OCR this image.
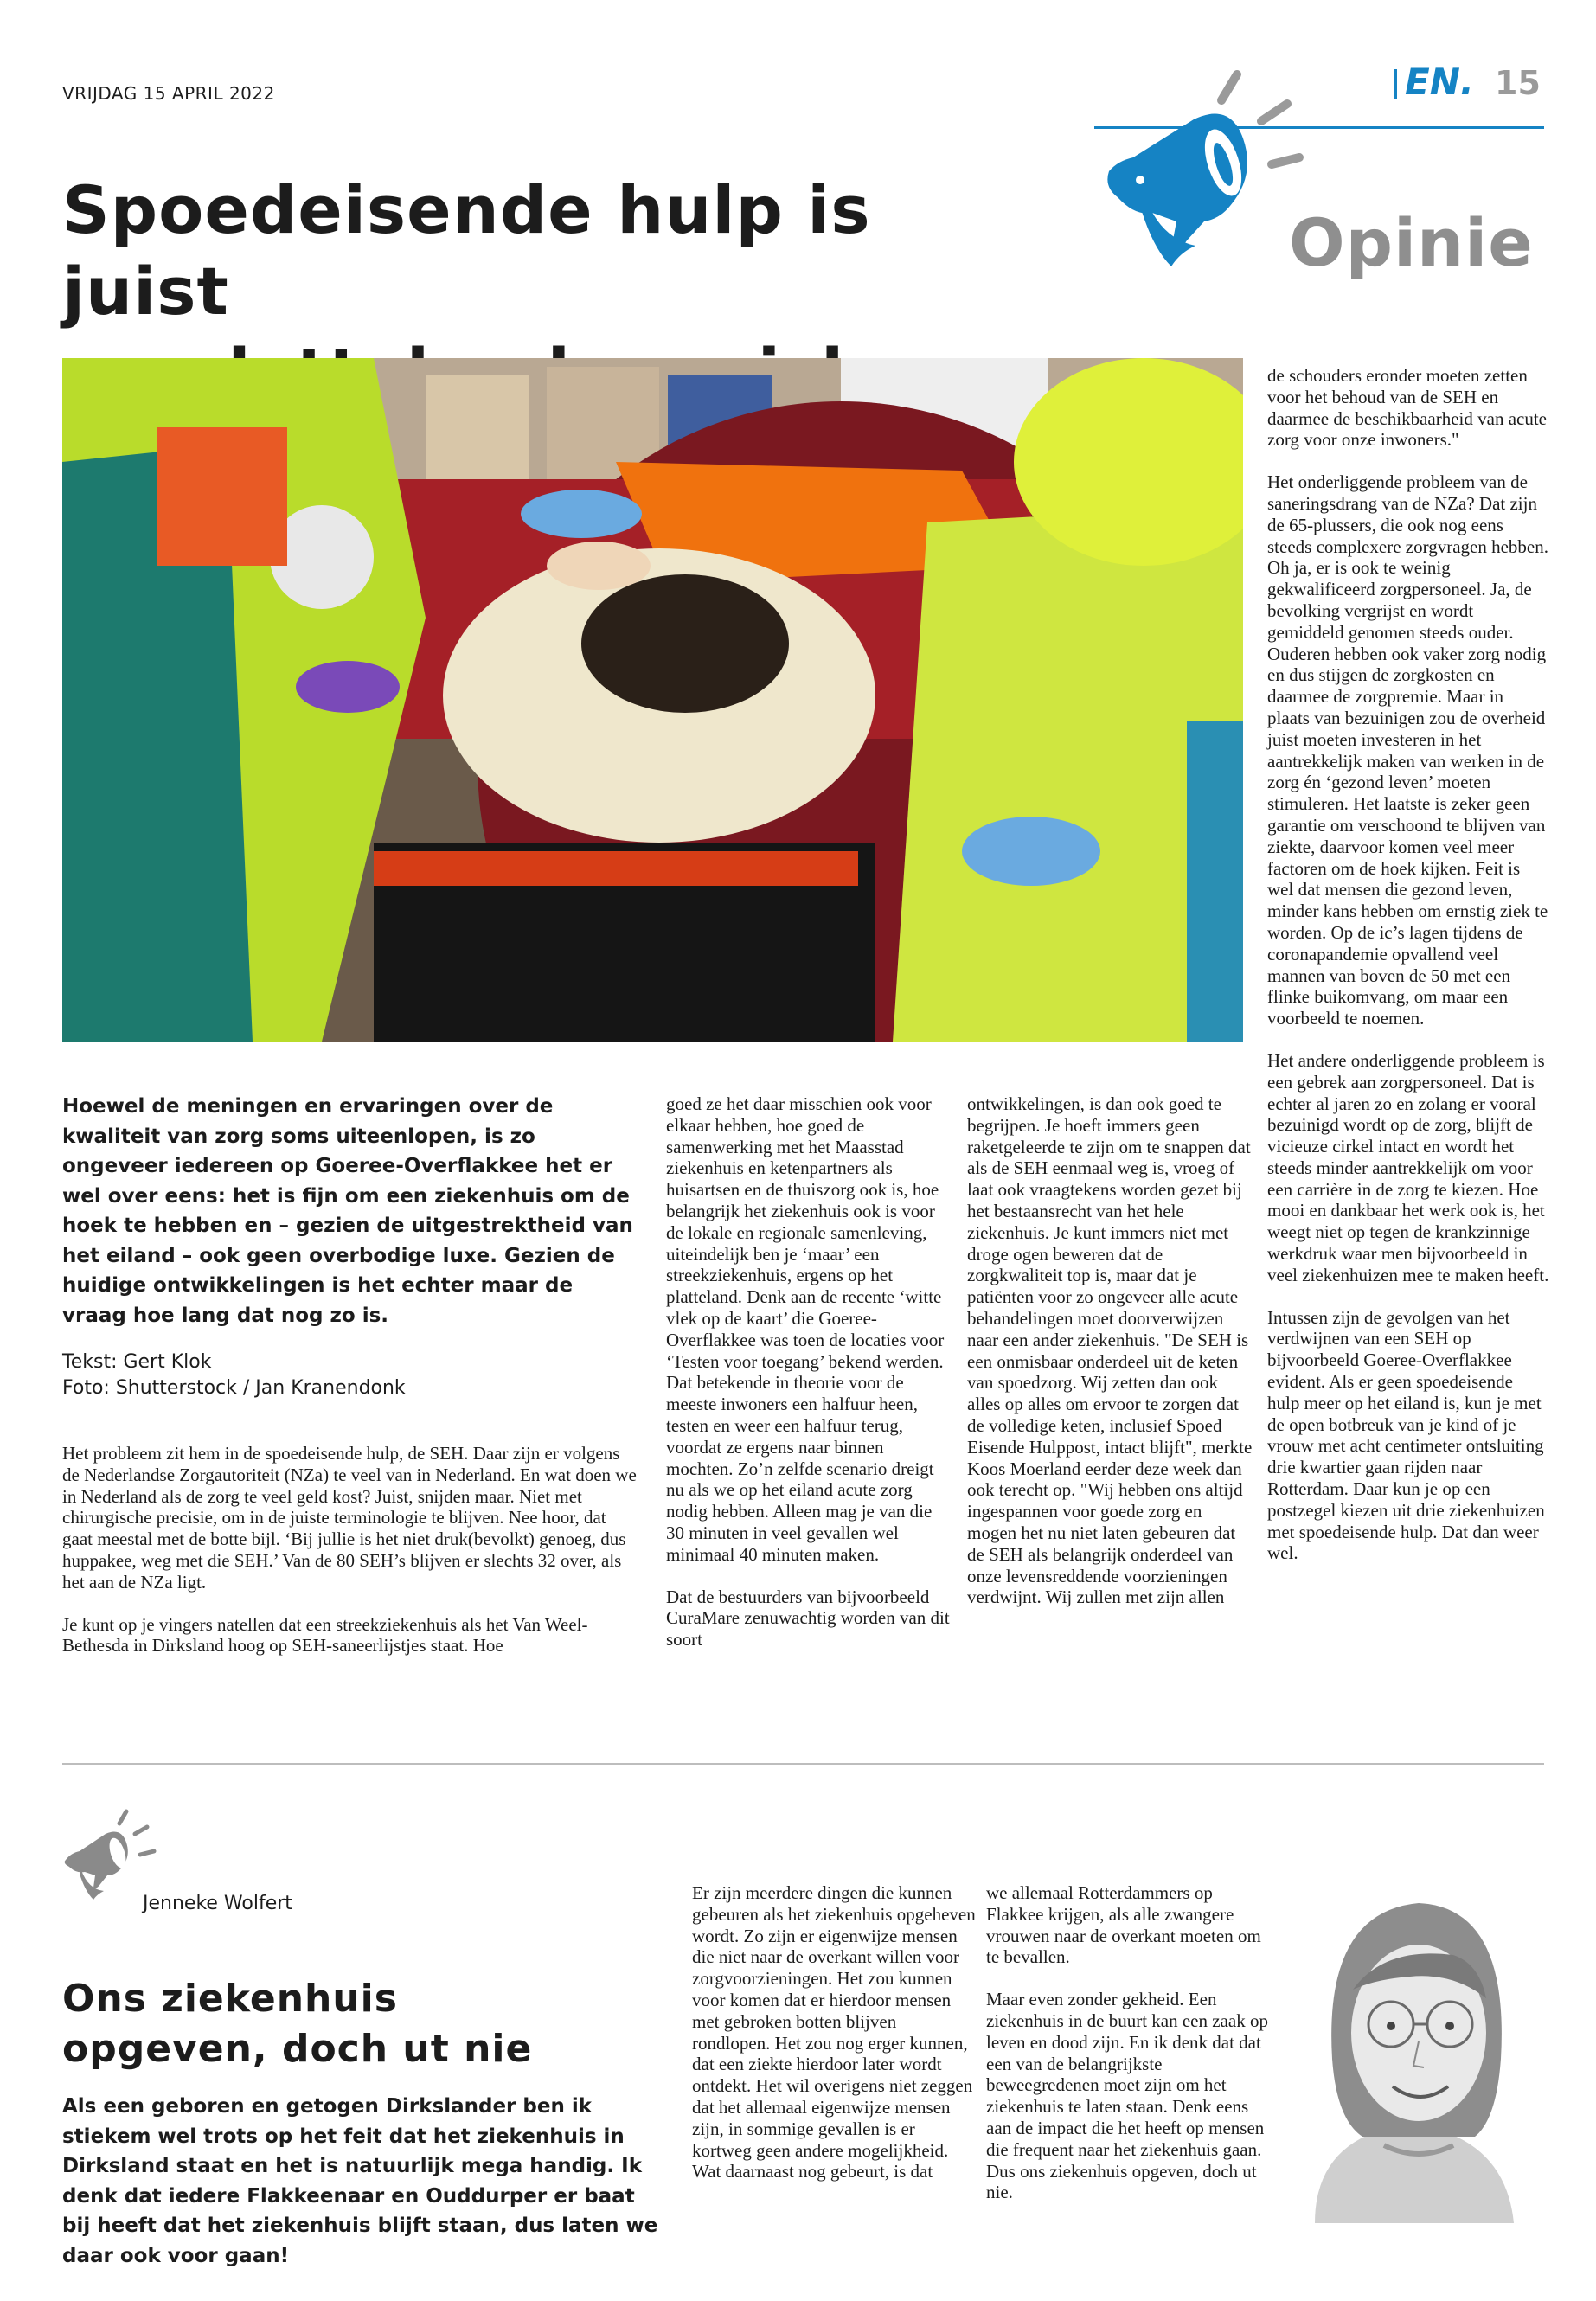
VRIJDAG 15 APRIL 2022	EN. 15
Opinie
Spoedeisende hulp is juist

Hoewel de meningen en ervaringen over de kwaliteit van zorg soms uiteenlopen, is zo ongeveer iedereen op Goeree-Overflakkee het er wel over eens: het is fijn om een ziekenhuis om de hoek te hebben en – gezien de uitgestrektheid van het eiland – ook geen overbodige luxe. Gezien de huidige ontwikkelingen is het echter maar de vraag hoe lang dat nog zo is.
Tekst: Gert Klok
Foto: Shutterstock / Jan Kranendonk

Het probleem zit hem in de spoedeisende hulp, de SEH. Daar zijn er volgens de Nederlandse Zorgautoriteit (NZa) te veel van in Nederland. En wat doen we in Nederland als de zorg te veel geld kost? Juist, snijden maar. Niet met chirurgische precisie, om in de juiste terminologie te blijven. Nee hoor, dat gaat meestal met de botte bijl. ‘Bij jullie is het niet druk(bevolkt) genoeg, dus huppakee, weg met die SEH.’ Van de 80 SEH’s blijven er slechts 32 over, als het aan de NZa ligt.

Je kunt op je vingers natellen dat een streekziekenhuis als het Van Weel-Bethesda in Dirksland hoog op SEH-saneerlijstjes staat. Hoe

goed ze het daar misschien ook voor elkaar hebben, hoe goed de samenwerking met het Maasstad ziekenhuis en ketenpartners als huisartsen en de thuiszorg ook is, hoe belangrijk het ziekenhuis ook is voor de lokale en regionale samenleving, uiteindelijk ben je ‘maar’ een streekziekenhuis, ergens op het platteland. Denk aan de recente ‘witte vlek op de kaart’ die Goeree-Overflakkee was toen de locaties voor ‘Testen voor toegang’ bekend werden. Dat betekende in theorie voor de meeste inwoners een halfuur heen, testen en weer een halfuur terug, voordat ze ergens naar binnen mochten. Zo’n zelfde scenario dreigt nu als we op het eiland acute zorg nodig hebben. Alleen mag je van die 30 minuten in veel gevallen wel minimaal 40 minuten maken.

Dat de bestuurders van bijvoorbeeld CuraMare zenuwachtig worden van dit soort

ontwikkelingen, is dan ook goed te begrijpen. Je hoeft immers geen raketgeleerde te zijn om te snappen dat als de SEH eenmaal weg is, vroeg of laat ook vraagtekens worden gezet bij het bestaansrecht van het hele ziekenhuis. Je kunt immers niet met droge ogen beweren dat de zorgkwaliteit top is, maar dat je patiënten voor zo ongeveer alle acute behandelingen moet doorverwijzen naar een ander ziekenhuis. "De SEH is een onmisbaar onderdeel uit de keten van spoedzorg. Wij zetten dan ook alles op alles om ervoor te zorgen dat de volledige keten, inclusief Spoed Eisende Hulppost, intact blijft", merkte Koos Moerland eerder deze week dan ook terecht op. "Wij hebben ons altijd ingespannen voor goede zorg en mogen het nu niet laten gebeuren dat de SEH als belangrijk onderdeel van onze levensreddende voorzieningen verdwijnt. Wij zullen met zijn allen

de schouders eronder moeten zetten voor het behoud van de SEH en daarmee de beschikbaarheid van acute zorg voor onze inwoners."

Het onderliggende probleem van de saneringsdrang van de NZa? Dat zijn de 65-plussers, die ook nog eens steeds complexere zorgvragen hebben. Oh ja, er is ook te weinig gekwalificeerd zorgpersoneel. Ja, de bevolking vergrijst en wordt gemiddeld genomen steeds ouder. Ouderen hebben ook vaker zorg nodig en dus stijgen de zorgkosten en daarmee de zorgpremie. Maar in plaats van bezuinigen zou de overheid juist moeten investeren in het aantrekkelijk maken van werken in de zorg én ‘gezond leven’ moeten stimuleren. Het laatste is zeker geen garantie om verschoond te blijven van ziekte, daarvoor komen veel meer factoren om de hoek kijken. Feit is wel dat mensen die gezond leven, minder kans hebben om ernstig ziek te worden. Op de ic’s lagen tijdens de coronapandemie opvallend veel mannen van boven de 50 met een flinke buikomvang, om maar een voorbeeld te noemen.

Het andere onderliggende probleem is een gebrek aan zorgpersoneel. Dat is echter al jaren zo en zolang er vooral bezuinigd wordt op de zorg, blijft de vicieuze cirkel intact en wordt het steeds minder aantrekkelijk om voor een carrière in de zorg te kiezen. Hoe mooi en dankbaar het werk ook is, het weegt niet op tegen de krankzinnige werkdruk waar men bijvoorbeeld in veel ziekenhuizen mee te maken heeft.

Intussen zijn de gevolgen van het verdwijnen van een SEH op bijvoorbeeld Goeree-Overflakkee evident. Als er geen spoedeisende hulp meer op het eiland is, kun je met de open botbreuk van je kind of je vrouw met acht centimeter ontsluiting drie kwartier gaan rijden naar Rotterdam. Daar kun je op een postzegel kiezen uit drie ziekenhuizen met spoedeisende hulp. Dat dan weer wel.

Jenneke Wolfert
Ons ziekenhuis
opgeven, doch ut nie
Als een geboren en getogen Dirkslander ben ik stiekem wel trots op het feit dat het ziekenhuis in Dirksland staat en het is natuurlijk mega handig. Ik denk dat iedere Flakkeenaar en Ouddurper er baat bij heeft dat het ziekenhuis blijft staan, dus laten we daar ook voor gaan!

Er zijn meerdere dingen die kunnen gebeuren als het ziekenhuis opgeheven wordt. Zo zijn er eigenwijze mensen die niet naar de overkant willen voor zorgvoorzieningen. Het zou kunnen voor komen dat er hierdoor mensen met gebroken botten blijven rondlopen. Het zou nog erger kunnen, dat een ziekte hierdoor later wordt ontdekt. Het wil overigens niet zeggen dat het allemaal eigenwijze mensen zijn, in sommige gevallen is er kortweg geen andere mogelijkheid. Wat daarnaast nog gebeurt, is dat

we allemaal Rotterdammers op Flakkee krijgen, als alle zwangere vrouwen naar de overkant moeten om te bevallen.

Maar even zonder gekheid. Een ziekenhuis in de buurt kan een zaak op leven en dood zijn. En ik denk dat dat een van de belangrijkste beweegredenen moet zijn om het ziekenhuis te laten staan. Denk eens aan de impact die het heeft op mensen die frequent naar het ziekenhuis gaan. Dus ons ziekenhuis opgeven, doch ut nie.
